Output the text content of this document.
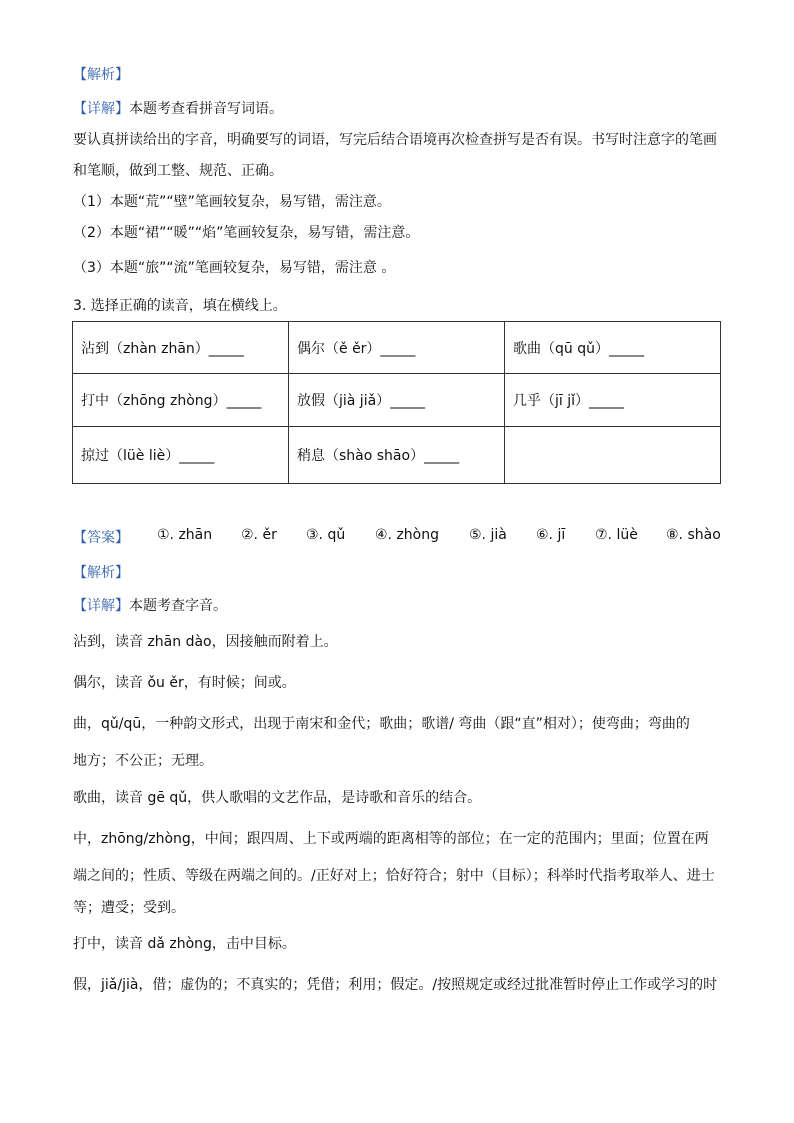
【解析】
【详解】本题考查看拼音写词语。
要认真拼读给出的字音，明确要写的词语，写完后结合语境再次检查拼写是否有误。书写时注意字的笔画
和笔顺，做到工整、规范、正确。
（1）本题“荒”“壁”笔画较复杂，易写错，需注意。
（2）本题“裙”“暖”“焰”笔画较复杂，易写错，需注意。
（3）本题“旅”“流”笔画较复杂，易写错，需注意 。
3. 选择正确的读音，填在横线上。
沾到（zhàn zhān）_____	偶尔（ě ěr）_____	歌曲（qū qǔ）_____
打中（zhōng zhòng）_____	放假（jià jiǎ）_____	几乎（jī jǐ）_____
掠过（lüè liè）_____	稍息（shào shāo）_____	
【答案】 ①. zhān ②. ěr ③. qǔ ④. zhòng ⑤. jià ⑥. jī ⑦. lüè ⑧. shào
【解析】
【详解】本题考查字音。
沾到，读音 zhān dào，因接触而附着上。
偶尔，读音 ǒu ěr，有时候；间或。
曲，qǔ/qū，一种韵文形式，出现于南宋和金代；歌曲；歌谱/ 弯曲（跟“直”相对）；使弯曲；弯曲的
地方；不公正；无理。
歌曲，读音 gē qǔ，供人歌唱的文艺作品，是诗歌和音乐的结合。
中，zhōng/zhòng，中间；跟四周、上下或两端的距离相等的部位；在一定的范围内；里面；位置在两
端之间的；性质、等级在两端之间的。/正好对上；恰好符合；射中（目标）；科举时代指考取举人、进士
等；遭受；受到。
打中，读音 dǎ zhòng，击中目标。
假，jiǎ/jià，借；虚伪的；不真实的；凭借；利用；假定。/按照规定或经过批准暂时停止工作或学习的时
